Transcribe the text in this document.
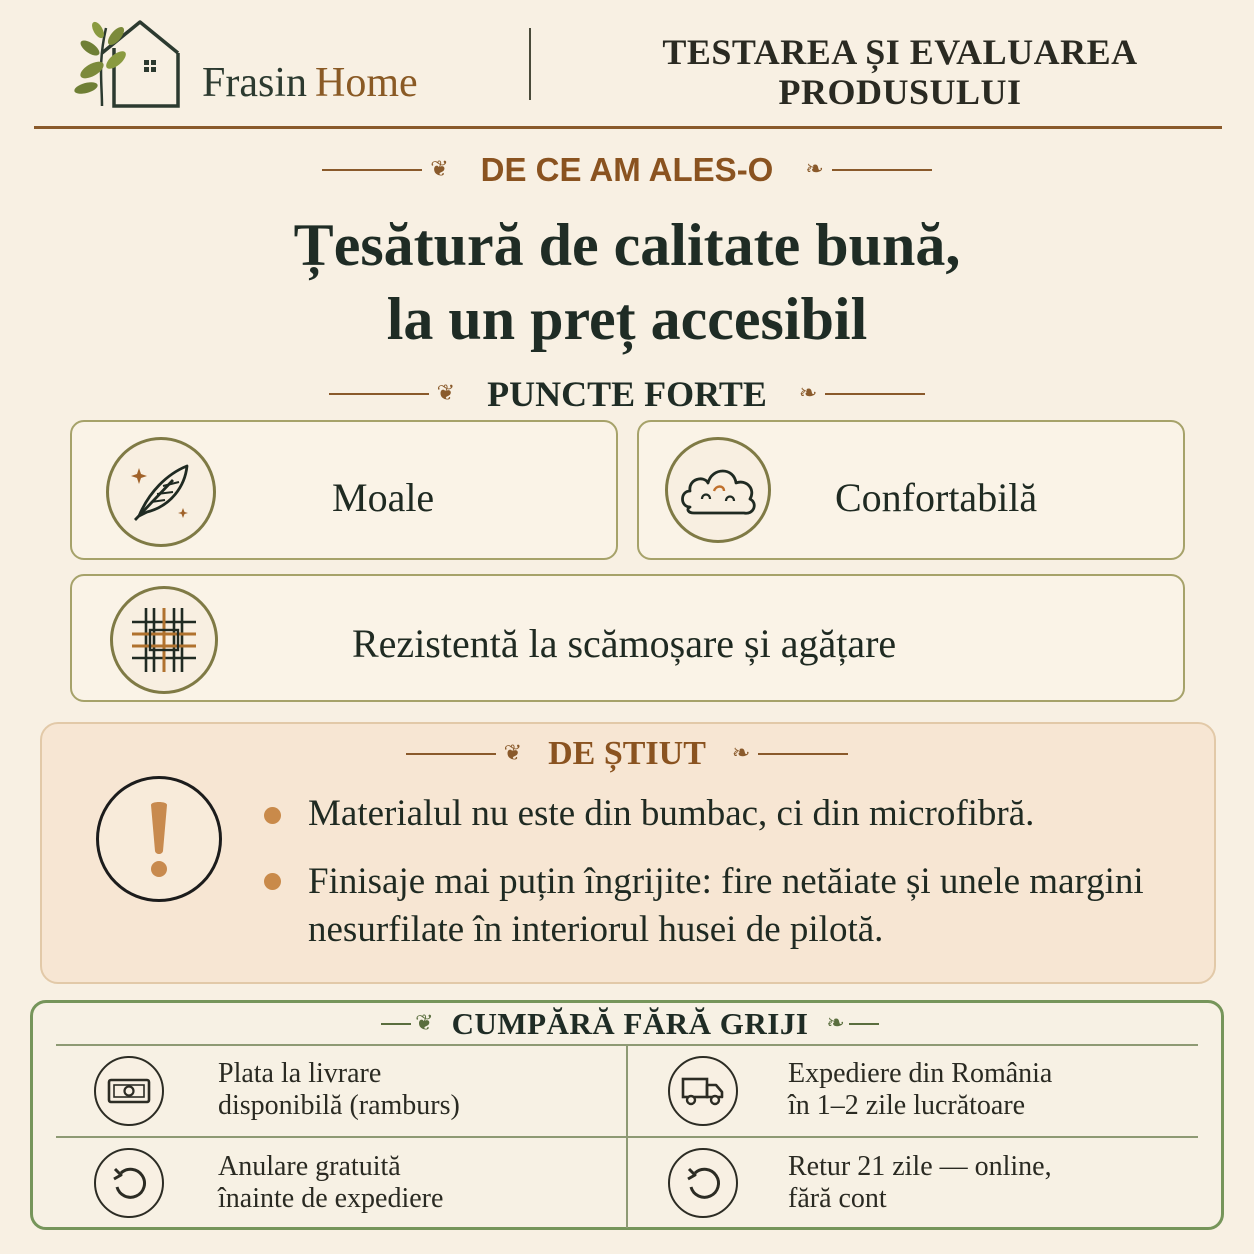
Frasin Home
TESTAREA ȘI EVALUAREA PRODUSULUI
❦ DE CE AM ALES-O ❧
Țesătură de calitate bună,
la un preț accesibil
❦ PUNCTE FORTE ❧
Moale	Confortabilă
Rezistentă la scămoșare și agățare
❦ DE ȘTIUT ❧
Materialul nu este din bumbac, ci din microfibră.
Finisaje mai puțin îngrijite: fire netăiate și unele margini nesurfilate în interiorul husei de pilotă.
❦ CUMPĂRĂ FĂRĂ GRIJI ❧
Plata la livrare
disponibilă (ramburs)
Expediere din România
în 1–2 zile lucrătoare
Anulare gratuită
înainte de expediere
Retur 21 zile — online,
fără cont
